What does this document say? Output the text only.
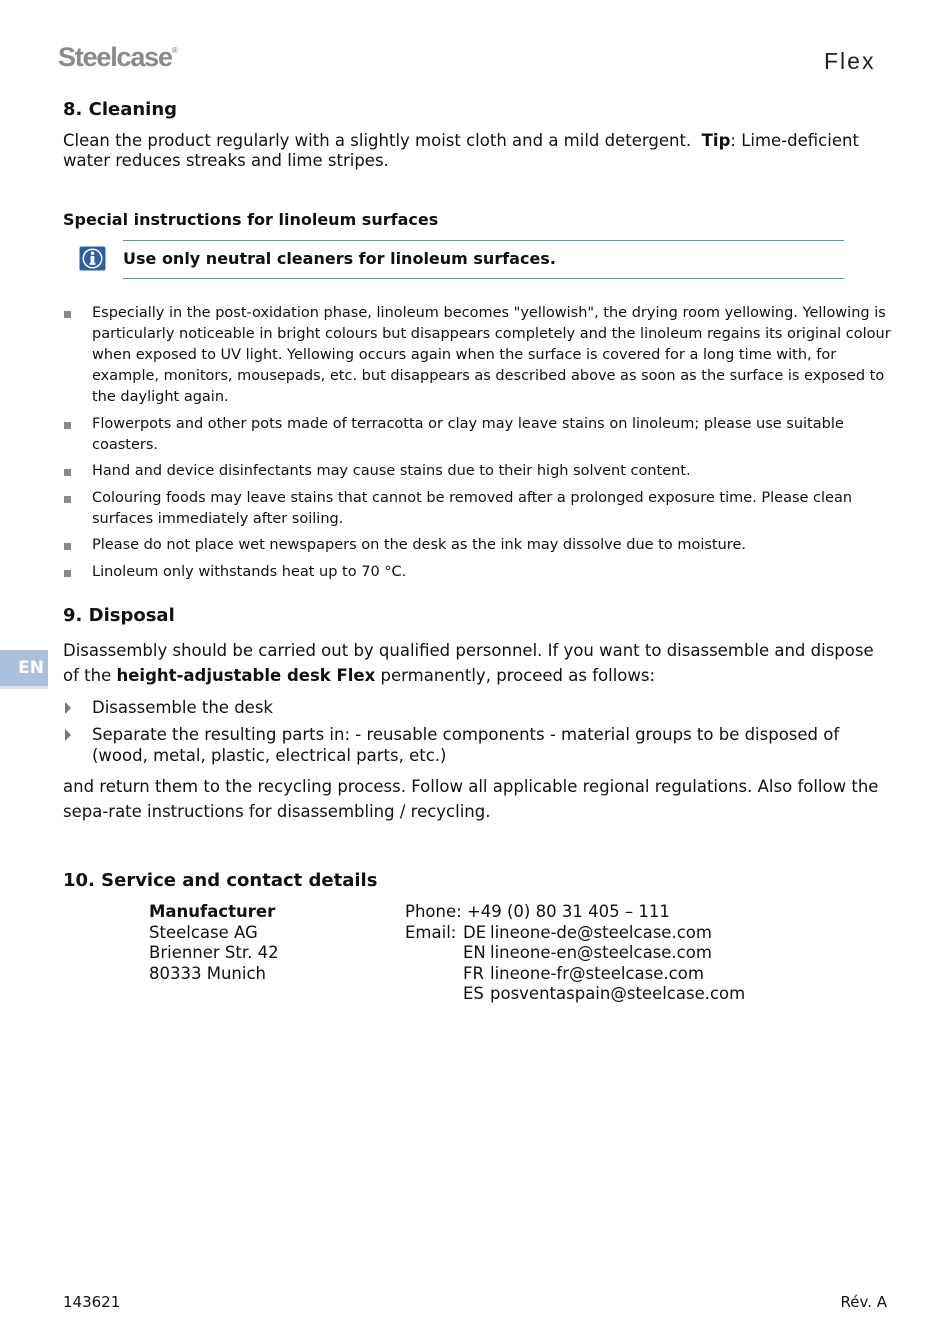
Steelcase®	Flex
8. Cleaning
Clean the product regularly with a slightly moist cloth and a mild detergent. Tip: Lime-deficient water reduces streaks and lime stripes.
Special instructions for linoleum surfaces
Use only neutral cleaners for linoleum surfaces.
Especially in the post-oxidation phase, linoleum becomes "yellowish", the drying room yellowing. Yellowing is particularly noticeable in bright colours but disappears completely and the linoleum regains its original colour when exposed to UV light. Yellowing occurs again when the surface is covered for a long time with, for example, monitors, mousepads, etc. but disappears as described above as soon as the surface is exposed to the daylight again.
Flowerpots and other pots made of terracotta or clay may leave stains on linoleum; please use suitable coasters.
Hand and device disinfectants may cause stains due to their high solvent content.
Colouring foods may leave stains that cannot be removed after a prolonged exposure time. Please clean surfaces immediately after soiling.
Please do not place wet newspapers on the desk as the ink may dissolve due to moisture.
Linoleum only withstands heat up to 70 °C.
EN
9. Disposal
Disassembly should be carried out by qualified personnel. If you want to disassemble and dispose of the height-adjustable desk Flex permanently, proceed as follows:
Disassemble the desk
Separate the resulting parts in: - reusable components - material groups to be disposed of (wood, metal, plastic, electrical parts, etc.)
and return them to the recycling process. Follow all applicable regional regulations. Also follow the sepa-rate instructions for disassembling / recycling.
10. Service and contact details
Manufacturer
Steelcase AG
Brienner Str. 42
80333 Munich
Phone: +49 (0) 80 31 405 – 111
Email: DE lineone-de@steelcase.com
EN lineone-en@steelcase.com
FR lineone-fr@steelcase.com
ES posventaspain@steelcase.com
143621	Rév. A
